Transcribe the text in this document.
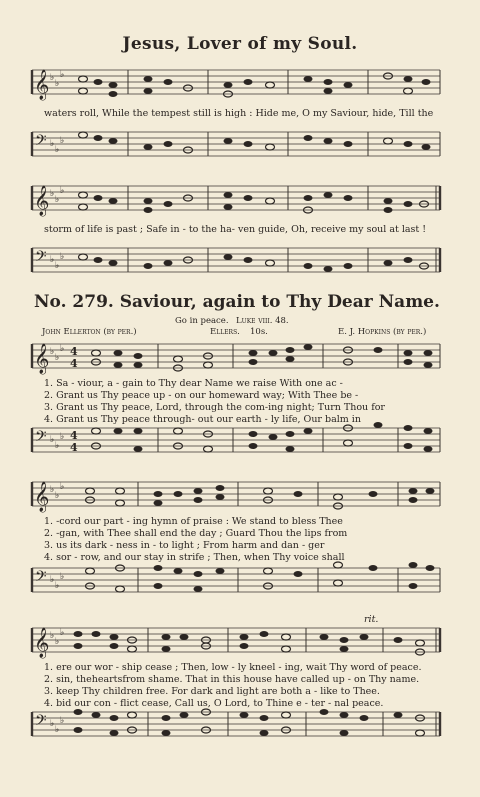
Jesus, Lover of my Soul.
𝄞 ♭
♭
♭
waters roll, While the tempest still is high : Hide me, O my Saviour, hide, Till the
𝄢 ♭
♭
♭
𝄞 ♭
♭
♭
storm of life is past ; Safe in - to the ha- ven guide, Oh, receive my soul at last !
𝄢 ♭
♭
♭
No. 279. Saviour, again to Thy Dear Name.
Go in peace. Luke viii. 48.
John Ellerton (by per.)	Ellers. 10s.	E. J. Hopkins (by per.)
𝄞 ♭
♭
♭ 4
4
1. Sa - viour, a - gain to Thy dear Name we raise With one ac -
2. Grant us Thy peace up - on our homeward way; With Thee be -
3. Grant us Thy peace, Lord, through the com-ing night; Turn Thou for
4. Grant us Thy peace through- out our earth - ly life, Our balm in
𝄢 ♭
♭
♭ 4
4
𝄞 ♭
♭
♭
1. -cord our part - ing hymn of praise : We stand to bless Thee
2. -gan, with Thee shall end the day ; Guard Thou the lips from
3. us its dark - ness in - to light ; From harm and dan - ger
4. sor - row, and our stay in strife ; Then, when Thy voice shall
𝄢 ♭
♭
♭
rit.
𝄞 ♭
♭
♭
1. ere our wor - ship cease ; Then, low - ly kneel - ing, wait Thy word of peace.
2. sin, theheartsfrom shame. That in this house have called up - on Thy name.
3. keep Thy children free. For dark and light are both a - like to Thee.
4. bid our con - flict cease, Call us, O Lord, to Thine e - ter - nal peace.
𝄢 ♭
♭
♭
